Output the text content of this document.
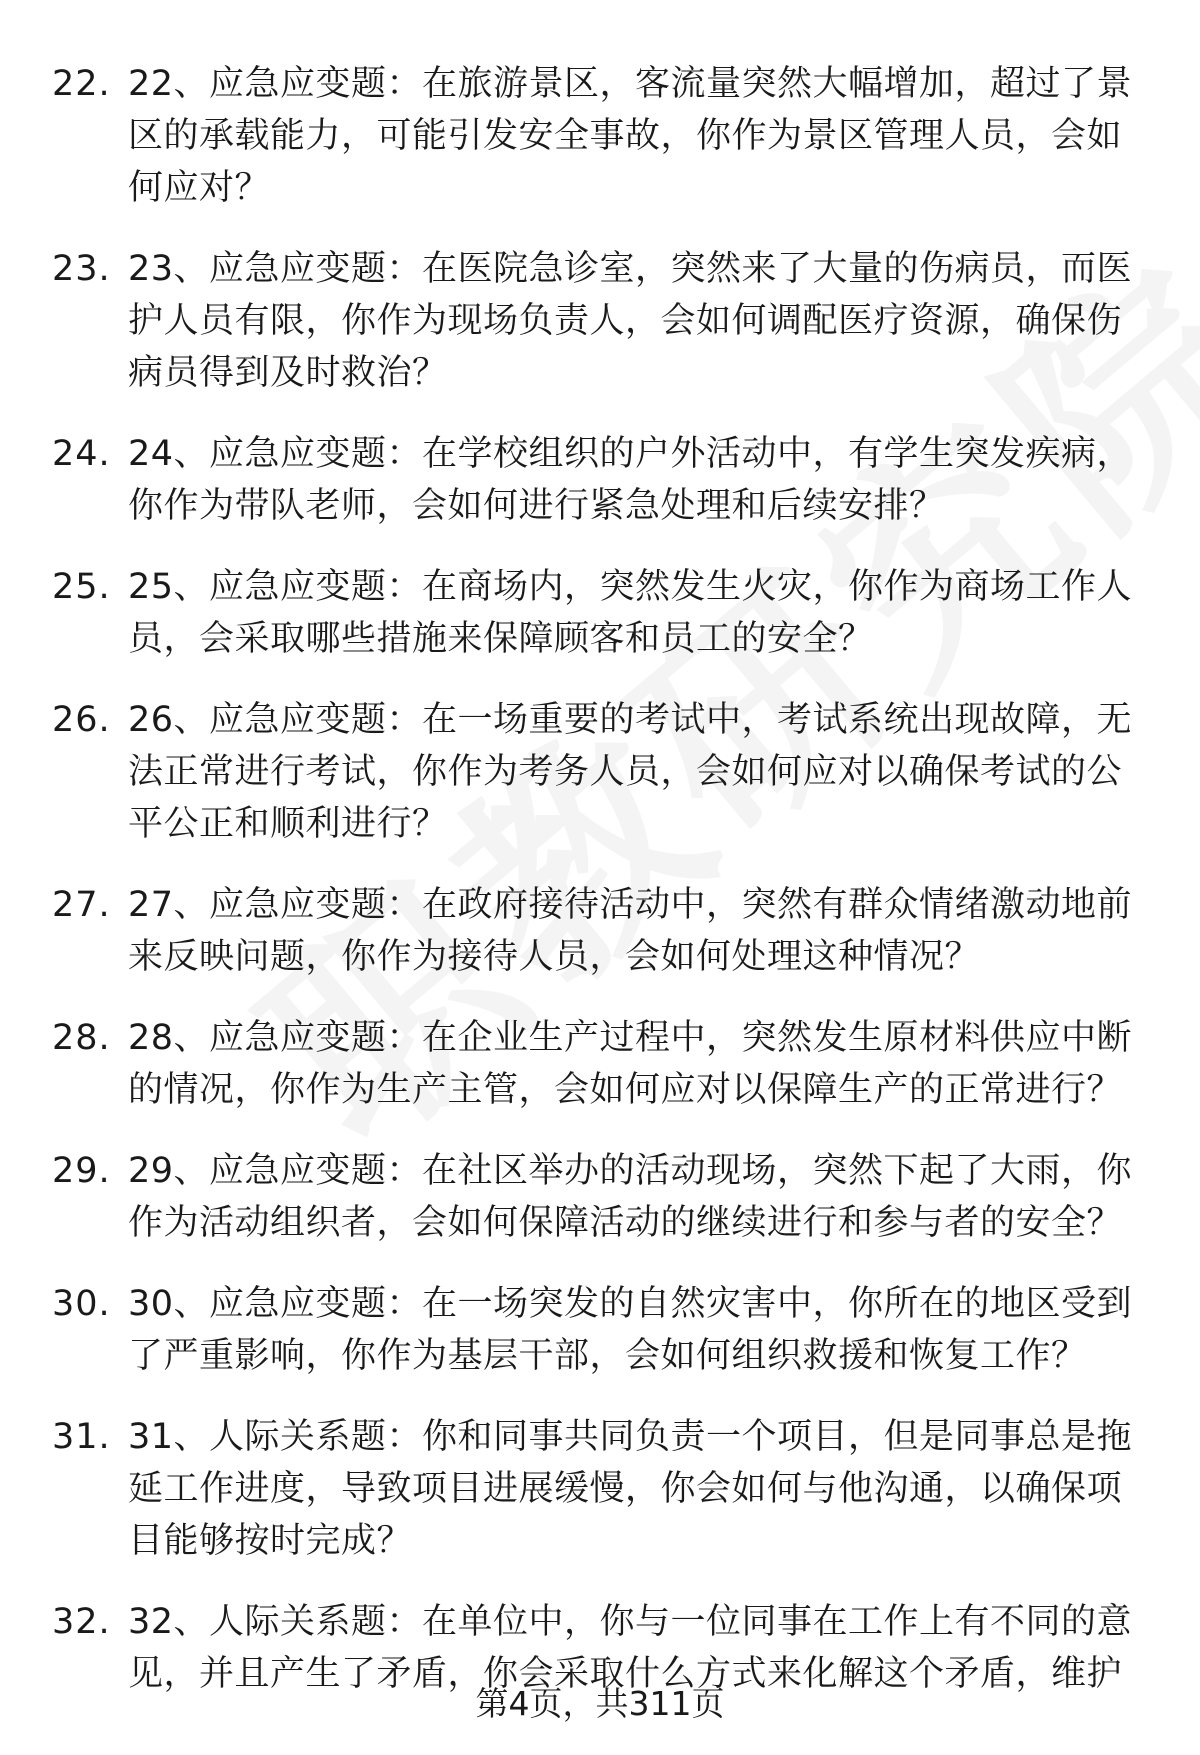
22. 22、应急应变题：在旅游景区，客流量突然大幅增加，超过了景区的承载能力，可能引发安全事故，你作为景区管理人员，会如何应对？
23. 23、应急应变题：在医院急诊室，突然来了大量的伤病员，而医护人员有限，你作为现场负责人，会如何调配医疗资源，确保伤病员得到及时救治？
24. 24、应急应变题：在学校组织的户外活动中，有学生突发疾病，你作为带队老师，会如何进行紧急处理和后续安排？
25. 25、应急应变题：在商场内，突然发生火灾，你作为商场工作人员，会采取哪些措施来保障顾客和员工的安全？
26. 26、应急应变题：在一场重要的考试中，考试系统出现故障，无法正常进行考试，你作为考务人员，会如何应对以确保考试的公平公正和顺利进行？
27. 27、应急应变题：在政府接待活动中，突然有群众情绪激动地前来反映问题，你作为接待人员，会如何处理这种情况？
28. 28、应急应变题：在企业生产过程中，突然发生原材料供应中断的情况，你作为生产主管，会如何应对以保障生产的正常进行？
29. 29、应急应变题：在社区举办的活动现场，突然下起了大雨，你作为活动组织者，会如何保障活动的继续进行和参与者的安全？
30. 30、应急应变题：在一场突发的自然灾害中，你所在的地区受到了严重影响，你作为基层干部，会如何组织救援和恢复工作？
31. 31、人际关系题：你和同事共同负责一个项目，但是同事总是拖延工作进度，导致项目进展缓慢，你会如何与他沟通，以确保项目能够按时完成？
32. 32、人际关系题：在单位中，你与一位同事在工作上有不同的意见，并且产生了矛盾，你会采取什么方式来化解这个矛盾，维护
第4页，共311页
